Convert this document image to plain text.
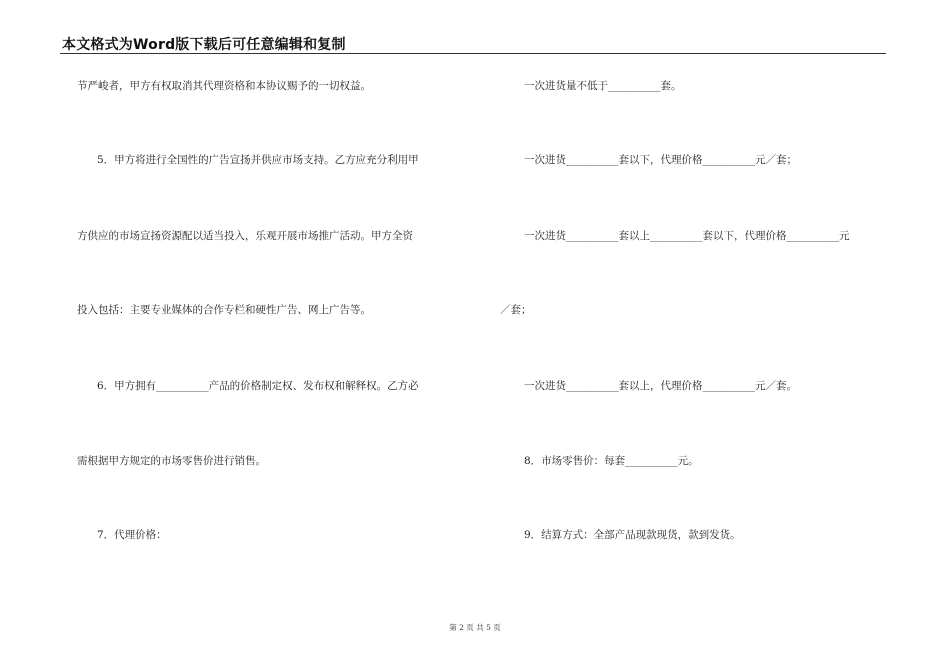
本文格式为Word版下载后可任意编辑和复制
节严峻者，甲方有权取消其代理资格和本协议赐予的一切权益。
5．甲方将进行全国性的广告宣扬并供应市场支持。乙方应充分利用甲
方供应的市场宣扬资源配以适当投入，乐观开展市场推广活动。甲方全资
投入包括：主要专业媒体的合作专栏和硬性广告、网上广告等。
6．甲方拥有__________产品的价格制定权、发布权和解释权。乙方必
需根据甲方规定的市场零售价进行销售。
7．代理价格：
一次进货量不低于__________套。
一次进货__________套以下，代理价格__________元／套；
一次进货__________套以上__________套以下，代理价格__________元
／套；
一次进货__________套以上，代理价格__________元／套。
8．市场零售价：每套__________元。
9．结算方式：全部产品现款现货，款到发货。
第 2 页 共 5 页
